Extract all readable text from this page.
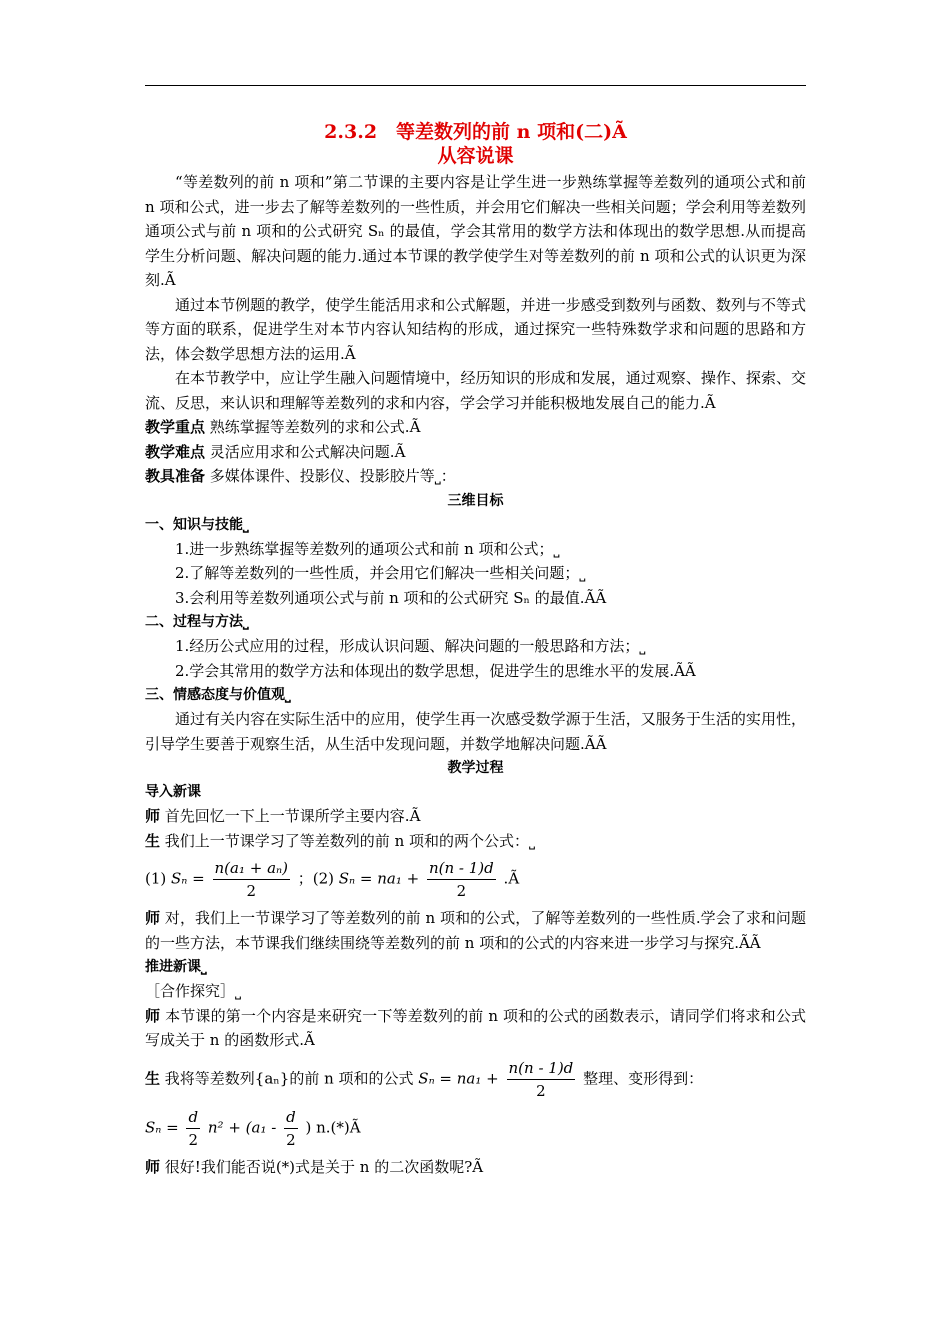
2.3.2　等差数列的前 n 项和(二)Ã
从容说课

“等差数列的前 n 项和”第二节课的主要内容是让学生进一步熟练掌握等差数列的通项公式和前 n 项和公式，进一步去了解等差数列的一些性质，并会用它们解决一些相关问题；学会利用等差数列通项公式与前 n 项和的公式研究 Sₙ 的最值，学会其常用的数学方法和体现出的数学思想.从而提高学生分析问题、解决问题的能力.通过本节课的教学使学生对等差数列的前 n 项和公式的认识更为深刻.Ã

通过本节例题的教学，使学生能活用求和公式解题，并进一步感受到数列与函数、数列与不等式等方面的联系，促进学生对本节内容认知结构的形成，通过探究一些特殊数学求和问题的思路和方法，体会数学思想方法的运用.Ã

在本节教学中，应让学生融入问题情境中，经历知识的形成和发展，通过观察、操作、探索、交流、反思，来认识和理解等差数列的求和内容，学会学习并能积极地发展自己的能力.Ã

教学重点 熟练掌握等差数列的求和公式.Ã

教学难点 灵活应用求和公式解决问题.Ã

教具准备 多媒体课件、投影仪、投影胶片等⎵：

三维目标

一、知识与技能⎵

1.进一步熟练掌握等差数列的通项公式和前 n 项和公式；⎵

2.了解等差数列的一些性质，并会用它们解决一些相关问题；⎵

3.会利用等差数列通项公式与前 n 项和的公式研究 Sₙ 的最值.ÃÃ

二、过程与方法⎵

1.经历公式应用的过程，形成认识问题、解决问题的一般思路和方法；⎵

2.学会其常用的数学方法和体现出的数学思想，促进学生的思维水平的发展.ÃÃ

三、情感态度与价值观⎵

通过有关内容在实际生活中的应用，使学生再一次感受数学源于生活，又服务于生活的实用性，引导学生要善于观察生活，从生活中发现问题，并数学地解决问题.ÃÃ

教学过程

导入新课

师 首先回忆一下上一节课所学主要内容.Ã

生 我们上一节课学习了等差数列的前 n 项和的两个公式：⎵

(1) $S_n = \frac{\text{n(a₁ + aₙ)}}{2}$ ；(2) $S_n = na_1 + \frac{n(n - 1)d}{2}$ .Ã

师 对，我们上一节课学习了等差数列的前 n 项和的公式，了解等差数列的一些性质.学会了求和问题的一些方法，本节课我们继续围绕等差数列的前 n 项和的公式的内容来进一步学习与探究.ÃÃ

推进新课⎵

［合作探究］⎵

师 本节课的第一个内容是来研究一下等差数列的前 n 项和的公式的函数表示，请同学们将求和公式写成关于 n 的函数形式.Ã

生 我将等差数列{aₙ}的前 n 项和的公式 $S_n = na_1 + \frac{n(n - 1)d}{2}$ 整理、变形得到：
$S_n = \frac{d}{2} n^2 + (a_1 - \frac{d}{2}$ ) n.(*)Ã

师 很好!我们能否说(*)式是关于 n 的二次函数呢?Ã
